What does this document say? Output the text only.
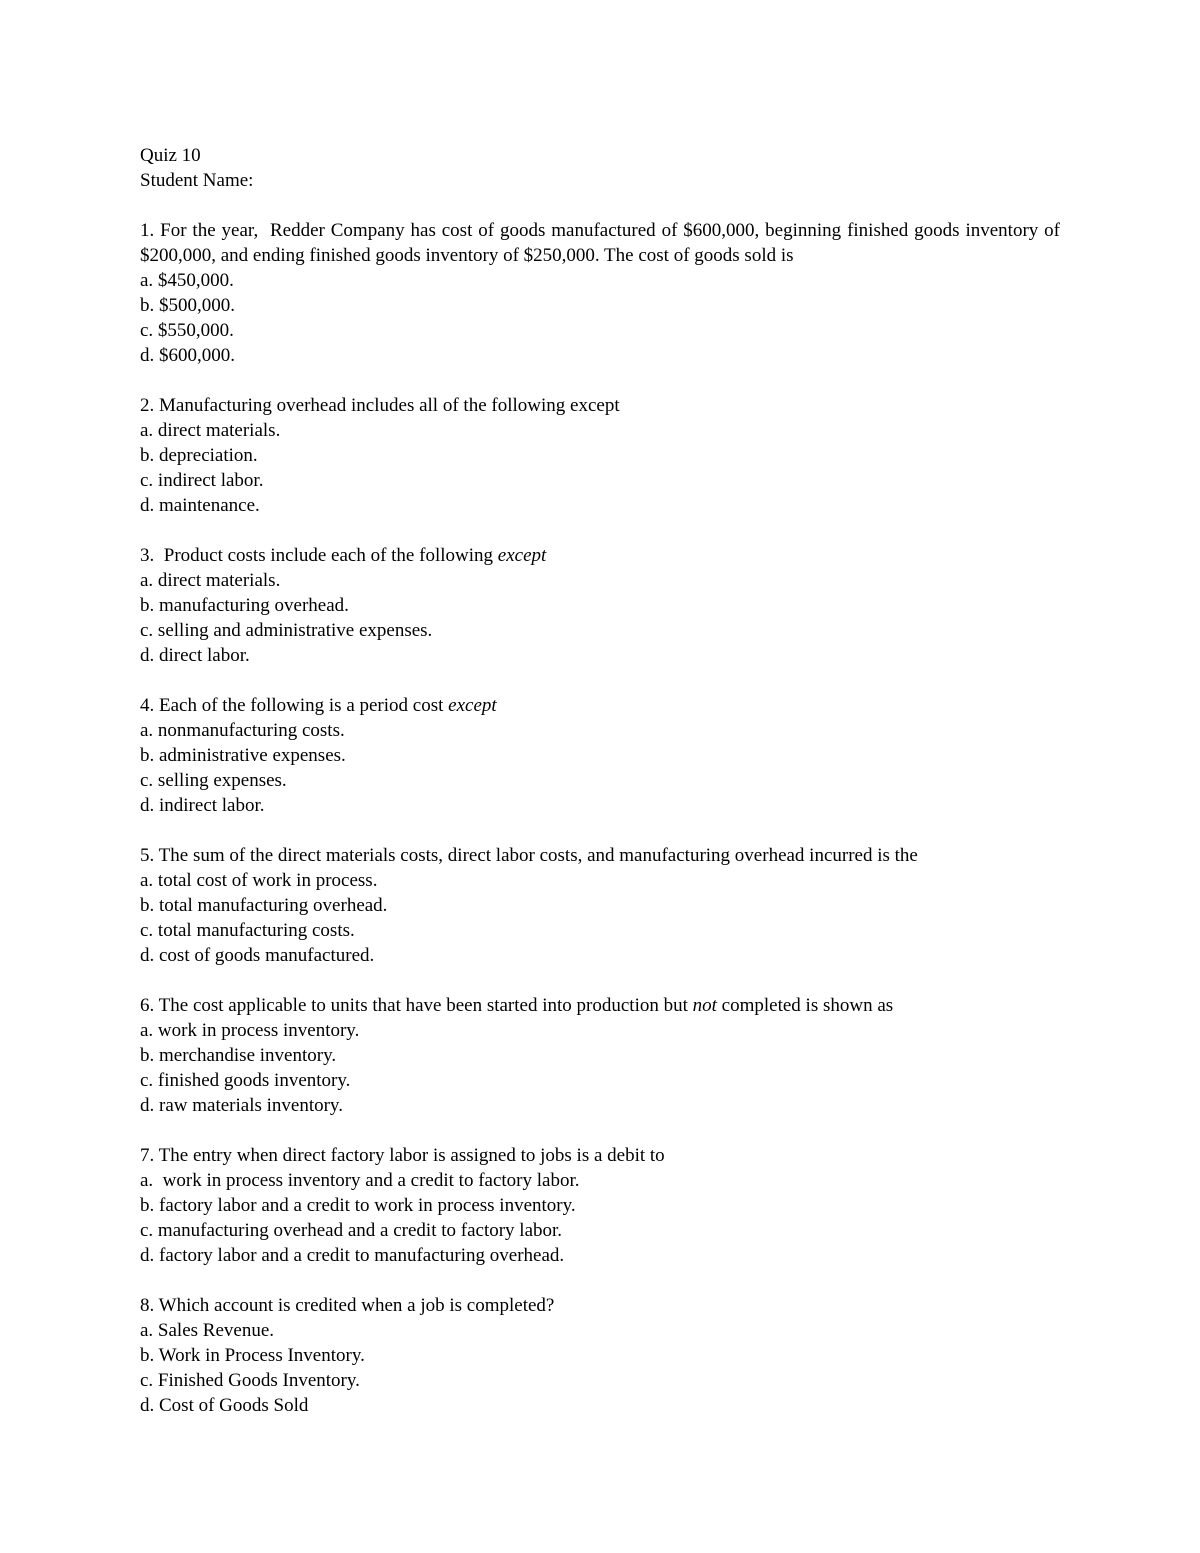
Quiz 10
Student Name:

1. For the year,  Redder Company has cost of goods manufactured of $600,000, beginning finished goods inventory of $200,000, and ending finished goods inventory of $250,000. The cost of goods sold is

a. $450,000.
b. $500,000.
c. $550,000.
d. $600,000.

2. Manufacturing overhead includes all of the following except

a. direct materials.
b. depreciation.
c. indirect labor.
d. maintenance.

3.  Product costs include each of the following except

a. direct materials.
b. manufacturing overhead.
c. selling and administrative expenses.
d. direct labor.

4. Each of the following is a period cost except

a. nonmanufacturing costs.
b. administrative expenses.
c. selling expenses.
d. indirect labor.

5. The sum of the direct materials costs, direct labor costs, and manufacturing overhead incurred is the

a. total cost of work in process.
b. total manufacturing overhead.
c. total manufacturing costs.
d. cost of goods manufactured.

6. The cost applicable to units that have been started into production but not completed is shown as

a. work in process inventory.
b. merchandise inventory.
c. finished goods inventory.
d. raw materials inventory.

7. The entry when direct factory labor is assigned to jobs is a debit to

a.  work in process inventory and a credit to factory labor.
b. factory labor and a credit to work in process inventory.
c. manufacturing overhead and a credit to factory labor.
d. factory labor and a credit to manufacturing overhead.

8. Which account is credited when a job is completed?

a. Sales Revenue.
b. Work in Process Inventory.
c. Finished Goods Inventory.
d. Cost of Goods Sold
